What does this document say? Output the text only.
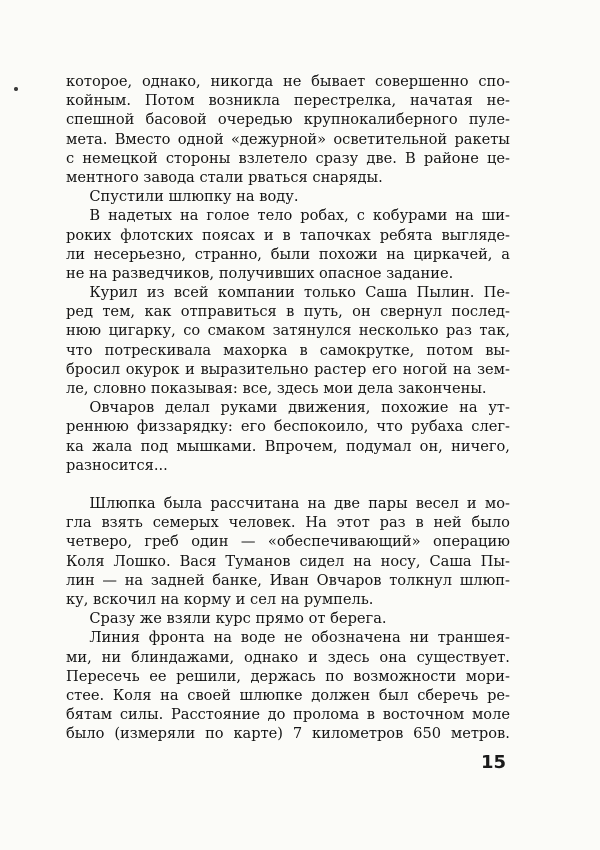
которое, однако, никогда не бывает совершенно спо-
койным. Потом возникла перестрелка, начатая не-
спешной басовой очередью крупнокалиберного пуле-
мета. Вместо одной «дежурной» осветительной ракеты
с немецкой стороны взлетело сразу две. В районе це-
ментного завода стали рваться снаряды.
Спустили шлюпку на воду.
В надетых на голое тело робах, с кобурами на ши-
роких флотских поясах и в тапочках ребята выгляде-
ли несерьезно, странно, были похожи на циркачей, а
не на разведчиков, получивших опасное задание.
Курил из всей компании только Саша Пылин. Пе-
ред тем, как отправиться в путь, он свернул послед-
нюю цигарку, со смаком затянулся несколько раз так,
что потрескивала махорка в самокрутке, потом вы-
бросил окурок и выразительно растер его ногой на зем-
ле, словно показывая: все, здесь мои дела закончены.
Овчаров делал руками движения, похожие на ут-
реннюю физзарядку: его беспокоило, что рубаха слег-
ка жала под мышками. Впрочем, подумал он, ничего,
разносится...
Шлюпка была рассчитана на две пары весел и мо-
гла взять семерых человек. На этот раз в ней было
четверо, греб один — «обеспечивающий» операцию
Коля Лошко. Вася Туманов сидел на носу, Саша Пы-
лин — на задней банке, Иван Овчаров толкнул шлюп-
ку, вскочил на корму и сел на румпель.
Сразу же взяли курс прямо от берега.
Линия фронта на воде не обозначена ни траншея-
ми, ни блиндажами, однако и здесь она существует.
Пересечь ее решили, держась по возможности мори-
стее. Коля на своей шлюпке должен был сберечь ре-
бятам силы. Расстояние до пролома в восточном моле
было (измеряли по карте) 7 километров 650 метров.
15
